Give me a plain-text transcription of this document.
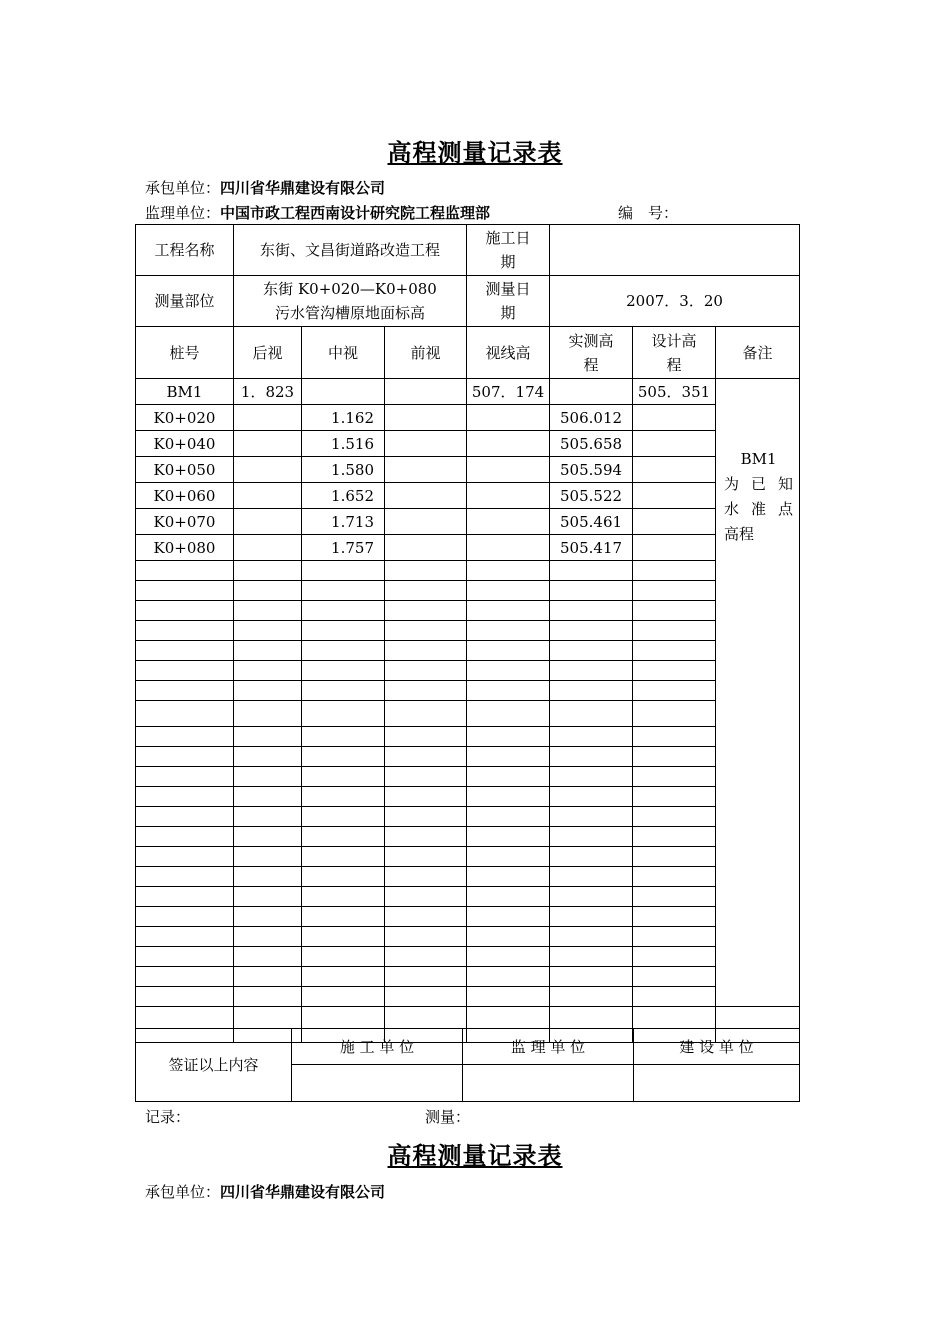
高程测量记录表
承包单位：四川省华鼎建设有限公司
监理单位：中国市政工程西南设计研究院工程监理部	编　号：
工程名称	东街、文昌街道路改造工程			施工日期			
测量部位	东街 K0+020—K0+080
污水管沟槽原地面标高			测量日期	2007．3．20		
桩号	后视	中视	前视	视线高	实测高程	设计高程	备注
BM1	1．823			507．174		505．351	BM1
为已知
水准点
高程

K0+020		1.162			506.012		
K0+040		1.516			505.658		
K0+050		1.580			505.594		
K0+060		1.652			505.522		
K0+070		1.713			505.461		
K0+080		1.757			505.417		

签证以上内容	施 工 单 位	监 理 单 位	建 设 单 位

记录：	测量：
高程测量记录表
承包单位：四川省华鼎建设有限公司
